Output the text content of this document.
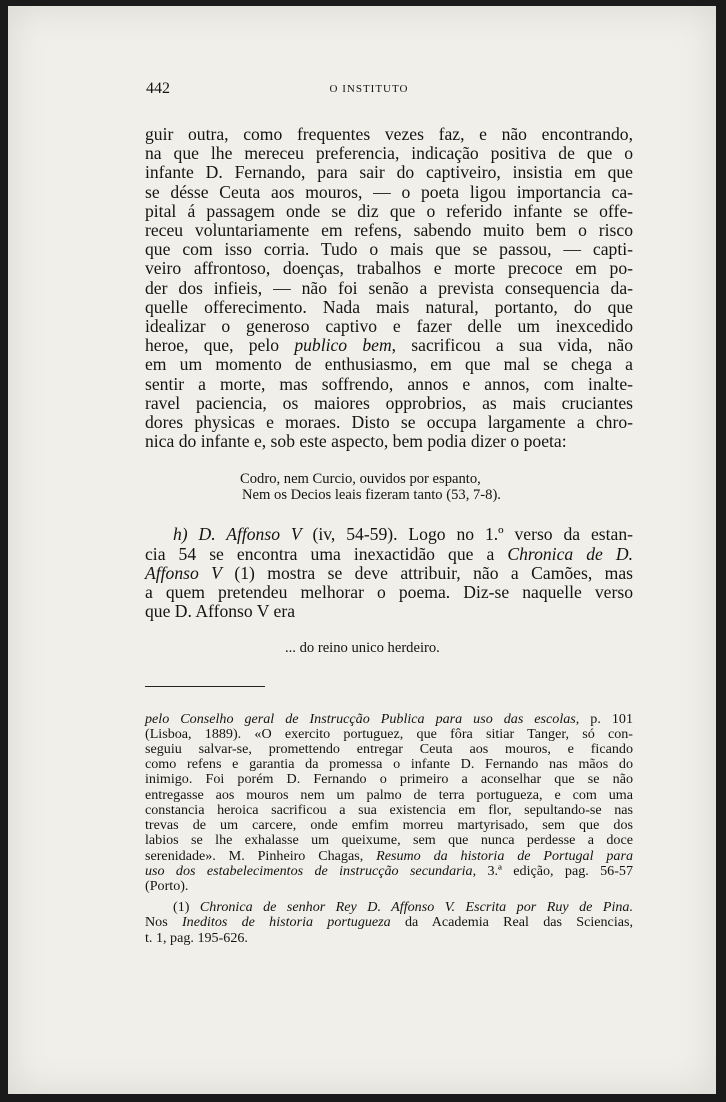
442	O INSTITUTO
guir outra, como frequentes vezes faz, e não encontrando,
na que lhe mereceu preferencia, indicação positiva de que o
infante D. Fernando, para sair do captiveiro, insistia em que
se désse Ceuta aos mouros, — o poeta ligou importancia ca-
pital á passagem onde se diz que o referido infante se offe-
receu voluntariamente em refens, sabendo muito bem o risco
que com isso corria. Tudo o mais que se passou, — capti-
veiro affrontoso, doenças, trabalhos e morte precoce em po-
der dos infieis, — não foi senão a prevista consequencia da-
quelle offerecimento. Nada mais natural, portanto, do que
idealizar o generoso captivo e fazer delle um inexcedido
heroe, que, pelo publico bem, sacrificou a sua vida, não
em um momento de enthusiasmo, em que mal se chega a
sentir a morte, mas soffrendo, annos e annos, com inalte-
ravel paciencia, os maiores opprobrios, as mais cruciantes
dores physicas e moraes. Disto se occupa largamente a chro-
nica do infante e, sob este aspecto, bem podia dizer o poeta:
Codro, nem Curcio, ouvidos por espanto,
Nem os Decios leais fizeram tanto (53, 7-8).
h) D. Affonso V (iv, 54-59). Logo no 1.º verso da estan-
cia 54 se encontra uma inexactidão que a Chronica de D.
Affonso V (1) mostra se deve attribuir, não a Camões, mas
a quem pretendeu melhorar o poema. Diz-se naquelle verso
que D. Affonso V era
... do reino unico herdeiro.
pelo Conselho geral de Instrucção Publica para uso das escolas, p. 101
(Lisboa, 1889). «O exercito portuguez, que fôra sitiar Tanger, só con-
seguiu salvar-se, promettendo entregar Ceuta aos mouros, e ficando
como refens e garantia da promessa o infante D. Fernando nas mãos do
inimigo. Foi porém D. Fernando o primeiro a aconselhar que se não
entregasse aos mouros nem um palmo de terra portugueza, e com uma
constancia heroica sacrificou a sua existencia em flor, sepultando-se nas
trevas de um carcere, onde emfim morreu martyrisado, sem que dos
labios se lhe exhalasse um queixume, sem que nunca perdesse a doce
serenidade». M. Pinheiro Chagas, Resumo da historia de Portugal para
uso dos estabelecimentos de instrucção secundaria, 3.ª edição, pag. 56-57
(Porto).
(1) Chronica de senhor Rey D. Affonso V. Escrita por Ruy de Pina.
Nos Ineditos de historia portugueza da Academia Real das Sciencias,
t. 1, pag. 195-626.
